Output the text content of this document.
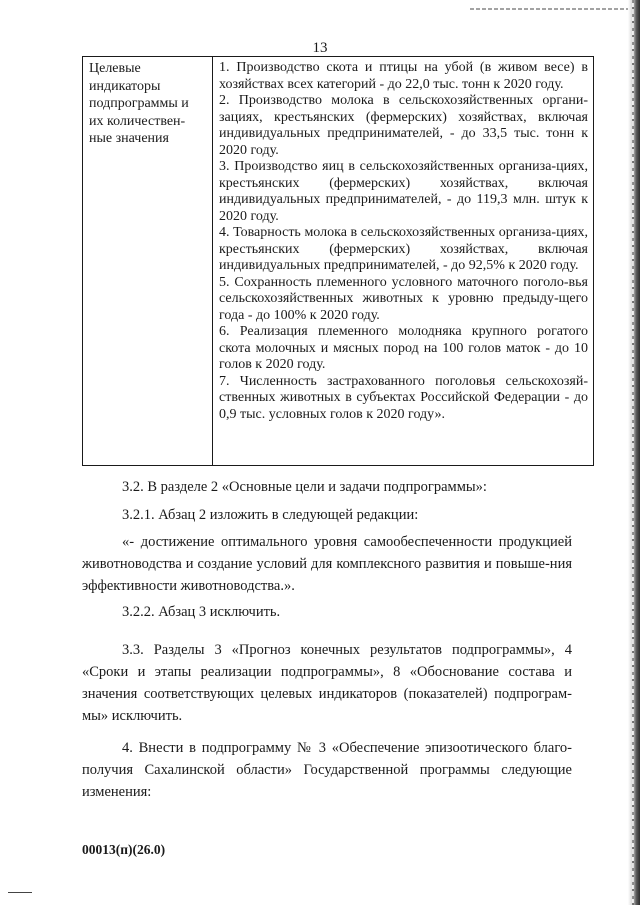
13
Целевые индикаторы подпрограммы и их количествен-ные значения

1. Производство скота и птицы на убой (в живом весе) в хозяйствах всех категорий - до 22,0 тыс. тонн к 2020 году.

2. Производство молока в сельскохозяйственных органи-зациях, крестьянских (фермерских) хозяйствах, включая индивидуальных предпринимателей, - до 33,5 тыс. тонн к 2020 году.

3. Производство яиц в сельскохозяйственных организа-циях, крестьянских (фермерских) хозяйствах, включая индивидуальных предпринимателей, - до 119,3 млн. штук к 2020 году.

4. Товарность молока в сельскохозяйственных организа-циях, крестьянских (фермерских) хозяйствах, включая индивидуальных предпринимателей, - до 92,5% к 2020 году.

5. Сохранность племенного условного маточного поголо-вья сельскохозяйственных животных к уровню предыду-щего года - до 100% к 2020 году.

6. Реализация племенного молодняка крупного рогатого скота молочных и мясных пород на 100 голов маток - до 10 голов к 2020 году.

7. Численность застрахованного поголовья сельскохозяй-ственных животных в субъектах Российской Федерации - до 0,9 тыс. условных голов к 2020 году».

3.2. В разделе 2 «Основные цели и задачи подпрограммы»:

3.2.1. Абзац 2 изложить в следующей редакции:

«- достижение оптимального уровня самообеспеченности продукцией животноводства и создание условий для комплексного развития и повыше-ния эффективности животноводства.».

3.2.2. Абзац 3 исключить.

3.3. Разделы 3 «Прогноз конечных результатов подпрограммы», 4 «Сроки и этапы реализации подпрограммы», 8 «Обоснование состава и значения соответствующих целевых индикаторов (показателей) подпрограм-мы» исключить.

4. Внести в подпрограмму № 3 «Обеспечение эпизоотического благо-получия Сахалинской области» Государственной программы следующие изменения:

00013(п)(26.0)
